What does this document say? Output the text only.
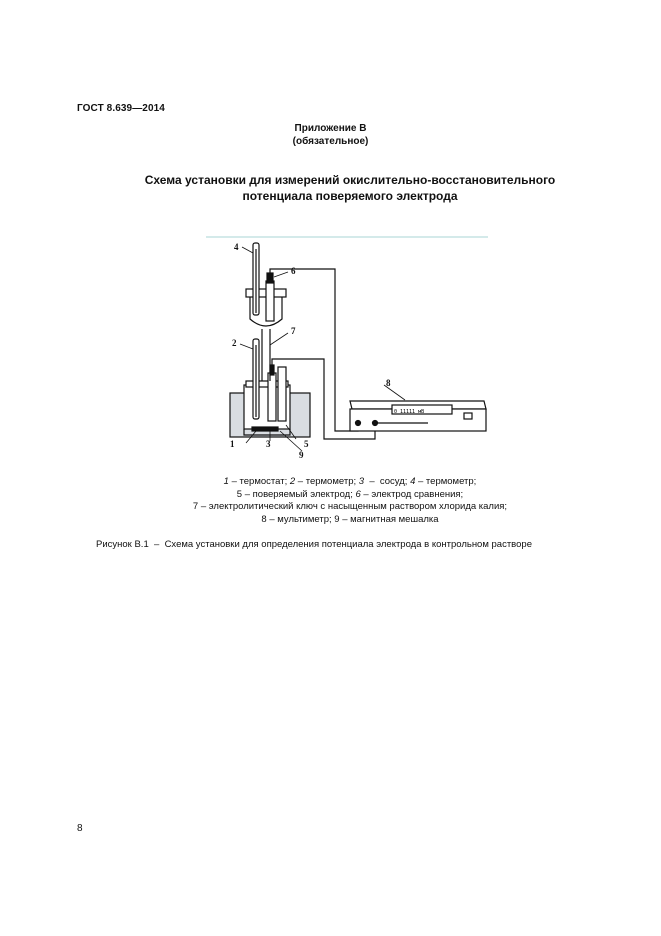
ГОСТ 8.639—2014
Приложение В
(обязательное)
Схема установки для измерений окислительно-восстановительного
потенциала поверяемого электрода
0 11111 мВ
1
2
3
4
5
6
7
8
9
1 – термостат; 2 – термометр; 3  –  сосуд; 4 – термометр;
5 – поверяемый электрод; 6 – электрод сравнения;
7 – электролитический ключ с насыщенным раствором хлорида калия;
8 – мультиметр; 9 – магнитная мешалка
Рисунок В.1  –  Схема установки для определения потенциала электрода в контрольном растворе
8
